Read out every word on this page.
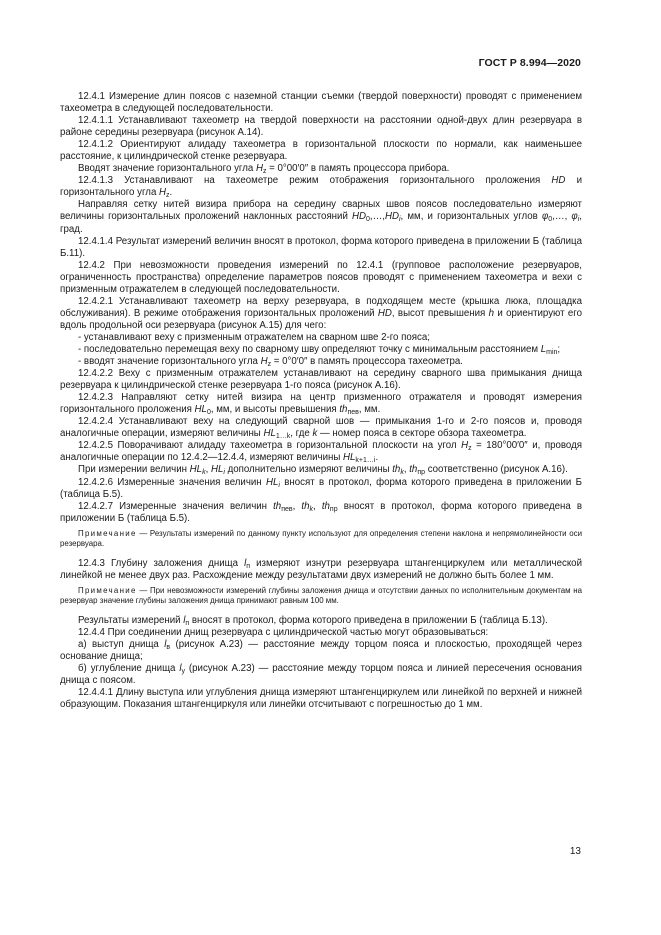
ГОСТ Р 8.994—2020

12.4.1 Измерение длин поясов с наземной станции съемки (твердой поверхности) проводят с применением тахеометра в следующей последовательности.

12.4.1.1 Устанавливают тахеометр на твердой поверхности на расстоянии одной-двух длин резервуара в районе середины резервуара (рисунок А.14).

12.4.1.2 Ориентируют алидаду тахеометра в горизонтальной плоскости по нормали, как наименьшее расстояние, к цилиндрической стенке резервуара.

Вводят значение горизонтального угла $H_z = 0^\circ 00'0''$ в память процессора прибора.

12.4.1.3 Устанавливают на тахеометре режим отображения горизонтального проложения HD и горизонтального угла $H_z$.

Направляя сетку нитей визира прибора на середину сварных швов поясов последовательно измеряют величины горизонтальных проложений наклонных расстояний $HD_0,\dots,HD_i$, мм, и горизонтальных углов $\varphi_0,\dots$, $\varphi_i$, град.

12.4.1.4 Результат измерений величин вносят в протокол, форма которого приведена в приложении Б (таблица Б.11).

12.4.2 При невозможности проведения измерений по 12.4.1 (групповое расположение резервуаров, ограниченность пространства) определение параметров поясов проводят с применением тахеометра и вехи с призменным отражателем в следующей последовательности.

12.4.2.1 Устанавливают тахеометр на верху резервуара, в подходящем месте (крышка люка, площадка обслуживания). В режиме отображения горизонтальных проложений HD, высот превышения h и ориентируют его вдоль продольной оси резервуара (рисунок А.15) для чего:

- устанавливают веху с призменным отражателем на сварном шве 2-го пояса;

- последовательно перемещая веху по сварному шву определяют точку с минимальным расстоянием $L_{min}$;

- вводят значение горизонтального угла $H_z = 0^\circ 0'0''$ в память процессора тахеометра.

12.4.2.2 Веху с призменным отражателем устанавливают на середину сварного шва примыкания днища резервуара к цилиндрической стенке резервуара 1-го пояса (рисунок А.16).

12.4.2.3 Направляют сетку нитей визира на центр призменного отражателя и проводят измерения горизонтального проложения $HL_0$, мм, и высоты превышения $th_{пев}$, мм.

12.4.2.4 Устанавливают веху на следующий сварной шов — примыкания 1-го и 2-го поясов и, проводя аналогичные операции, измеряют величины $HL_{1\dots k}$, где k — номер пояса в секторе обзора тахеометра.

12.4.2.5 Поворачивают алидаду тахеометра в горизонтальной плоскости на угол $H_z = 180^\circ 00'0''$ и, проводя аналогичные операции по 12.4.2—12.4.4, измеряют величины $HL_{k+1\dots i}$.

При измерении величин $HL_k$, $HL_i$ дополнительно измеряют величины $th_k$, $th_{пр}$ соответственно (рисунок А.16).

12.4.2.6 Измеренные значения величин $HL_i$ вносят в протокол, форма которого приведена в приложении Б (таблица Б.5).

12.4.2.7 Измеренные значения величин $th_{пев}$, $th_k$, $th_{пр}$ вносят в протокол, форма которого приведена в приложении Б (таблица Б.5).

Примечание — Результаты измерений по данному пункту используют для определения степени наклона и непрямолинейности оси резервуара.

12.4.3 Глубину заложения днища $l_п$ измеряют изнутри резервуара штангенциркулем или металлической линейкой не менее двух раз. Расхождение между результатами двух измерений не должно быть более 1 мм.

Примечание — При невозможности измерений глубины заложения днища и отсутствии данных по исполнительным документам на резервуар значение глубины заложения днища принимают равным 100 мм.

Результаты измерений $l_п$ вносят в протокол, форма которого приведена в приложении Б (таблица Б.13).

12.4.4 При соединении днищ резервуара с цилиндрической частью могут образовываться:

а) выступ днища $l_в$ (рисунок А.23) — расстояние между торцом пояса и плоскостью, проходящей через основание днища;

б) углубление днища $l_у$ (рисунок А.23) — расстояние между торцом пояса и линией пересечения основания днища с поясом.

12.4.4.1 Длину выступа или углубления днища измеряют штангенциркулем или линейкой по верхней и нижней образующим. Показания штангенциркуля или линейки отсчитывают с погрешностью до 1 мм.

13
